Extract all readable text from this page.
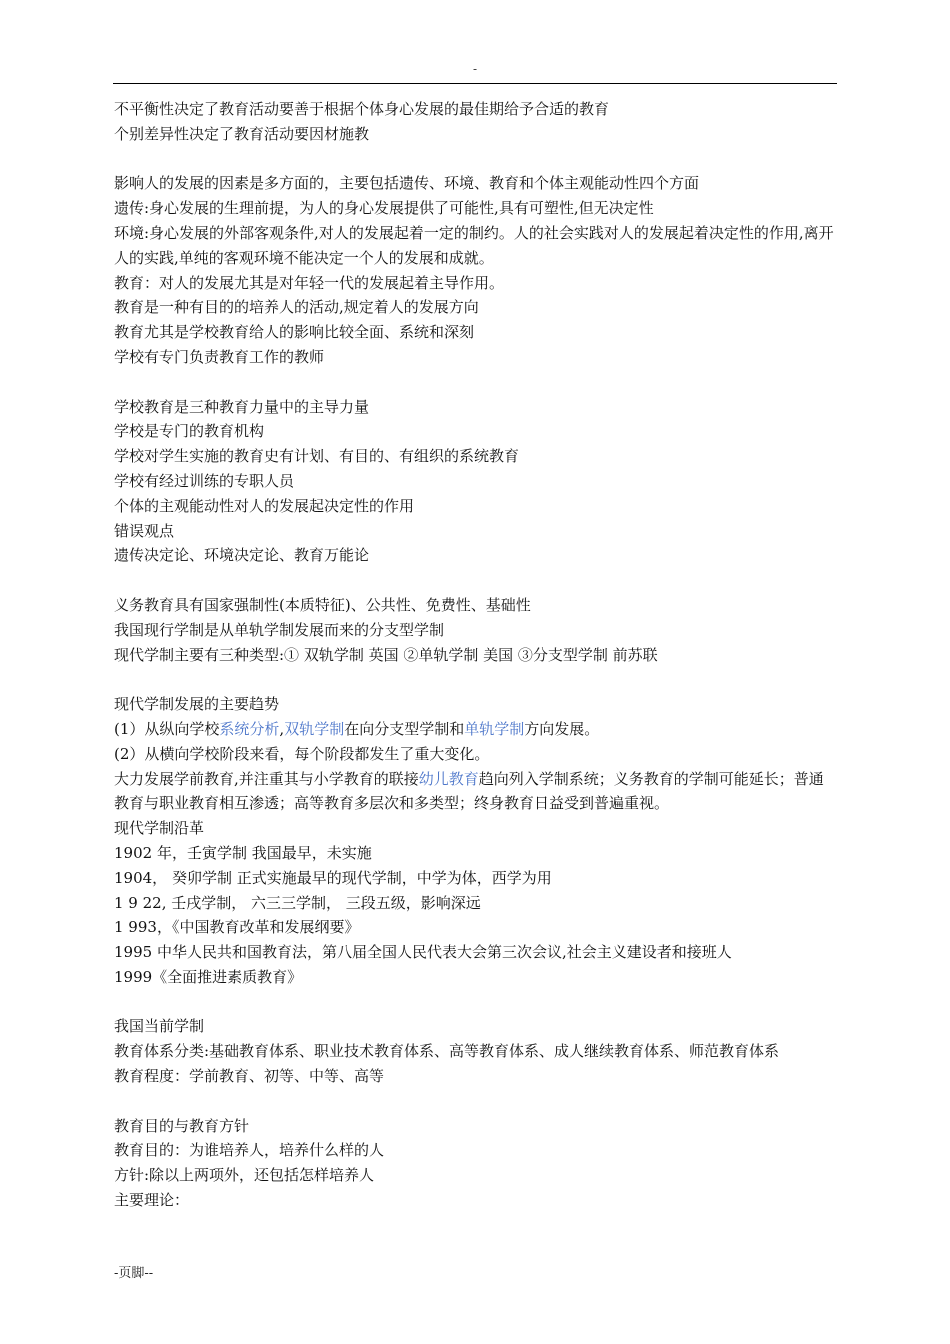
-
不平衡性决定了教育活动要善于根据个体身心发展的最佳期给予合适的教育
个别差异性决定了教育活动要因材施教
影响人的发展的因素是多方面的，主要包括遗传、环境、教育和个体主观能动性四个方面
遗传:身心发展的生理前提，为人的身心发展提供了可能性,具有可塑性,但无决定性
环境:身心发展的外部客观条件,对人的发展起着一定的制约。人的社会实践对人的发展起着决定性的作用,离开人的实践,单纯的客观环境不能决定一个人的发展和成就。
教育：对人的发展尤其是对年轻一代的发展起着主导作用。
教育是一种有目的的培养人的活动,规定着人的发展方向
教育尤其是学校教育给人的影响比较全面、系统和深刻
学校有专门负责教育工作的教师
学校教育是三种教育力量中的主导力量
学校是专门的教育机构
学校对学生实施的教育史有计划、有目的、有组织的系统教育
学校有经过训练的专职人员
个体的主观能动性对人的发展起决定性的作用
错误观点
遗传决定论、环境决定论、教育万能论
义务教育具有国家强制性(本质特征)、公共性、免费性、基础性
我国现行学制是从单轨学制发展而来的分支型学制
现代学制主要有三种类型:① 双轨学制 英国 ②单轨学制 美国 ③分支型学制 前苏联
现代学制发展的主要趋势
(1）从纵向学校系统分析,双轨学制在向分支型学制和单轨学制方向发展。
(2）从横向学校阶段来看，每个阶段都发生了重大变化。
大力发展学前教育,并注重其与小学教育的联接幼儿教育趋向列入学制系统；义务教育的学制可能延长；普通教育与职业教育相互渗透；高等教育多层次和多类型；终身教育日益受到普遍重视。
现代学制沿革
1902 年，壬寅学制 我国最早，未实施
1904， 癸卯学制 正式实施最早的现代学制，中学为体，西学为用
1 9 22, 壬戌学制， 六三三学制， 三段五级，影响深远
1 993，《中国教育改革和发展纲要》
1995 中华人民共和国教育法，第八届全国人民代表大会第三次会议,社会主义建设者和接班人
1999《全面推进素质教育》
我国当前学制
教育体系分类:基础教育体系、职业技术教育体系、高等教育体系、成人继续教育体系、师范教育体系
教育程度：学前教育、初等、中等、高等
教育目的与教育方针
教育目的：为谁培养人，培养什么样的人
方针:除以上两项外，还包括怎样培养人
主要理论：
-页脚--
